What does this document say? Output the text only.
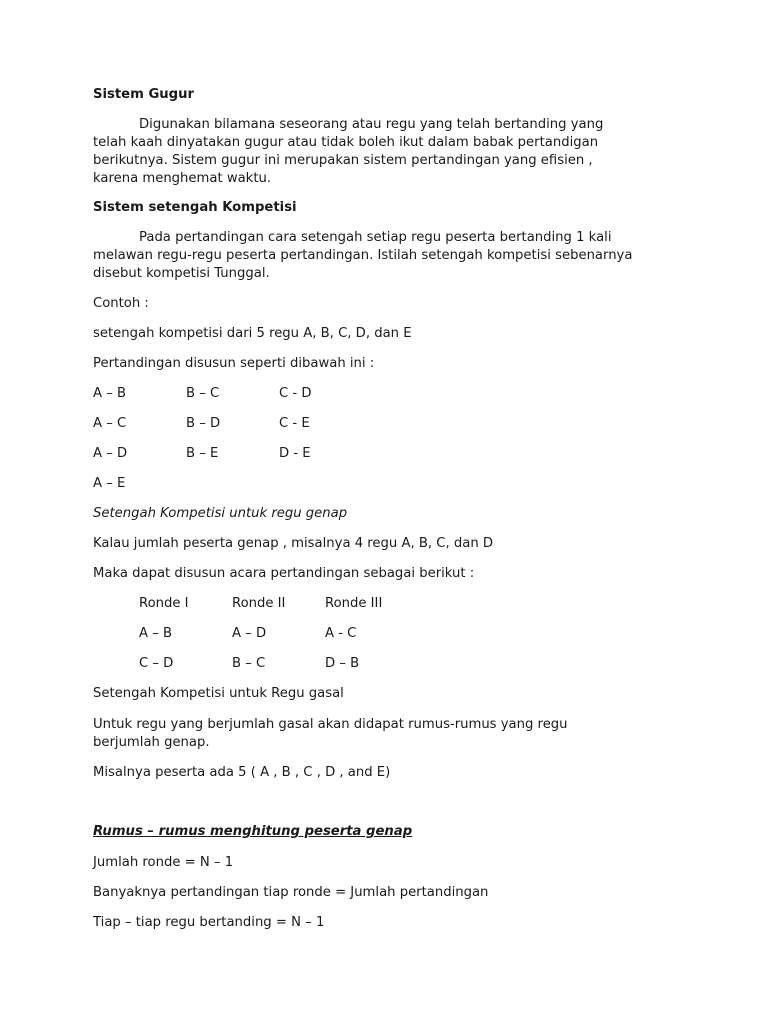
Sistem Gugur
Digunakan bilamana seseorang atau regu yang telah bertanding yang
telah kaah dinyatakan gugur atau tidak boleh ikut dalam babak pertandigan
berikutnya. Sistem gugur ini merupakan sistem pertandingan yang efisien ,
karena menghemat waktu.
Sistem setengah Kompetisi
Pada pertandingan cara setengah setiap regu peserta bertanding 1 kali
melawan regu-regu peserta pertandingan. Istilah setengah kompetisi sebenarnya
disebut kompetisi Tunggal.
Contoh :
setengah kompetisi dari 5 regu A, B, C, D, dan E
Pertandingan disusun seperti dibawah ini :
A – B	B – C	C - D
A – C	B – D	C - E
A – D	B – E	D - E
A – E
Setengah Kompetisi untuk regu genap
Kalau jumlah peserta genap , misalnya 4 regu A, B, C, dan D
Maka dapat disusun acara pertandingan sebagai berikut :
Ronde I	Ronde II	Ronde III
A – B	A – D	A - C
C – D	B – C	D – B
Setengah Kompetisi untuk Regu gasal
Untuk regu yang berjumlah gasal akan didapat rumus-rumus yang regu
berjumlah genap.
Misalnya peserta ada 5 ( A , B , C , D , and E)
Rumus – rumus menghitung peserta genap
Jumlah ronde = N – 1
Banyaknya pertandingan tiap ronde = Jumlah pertandingan
Tiap – tiap regu bertanding = N – 1
